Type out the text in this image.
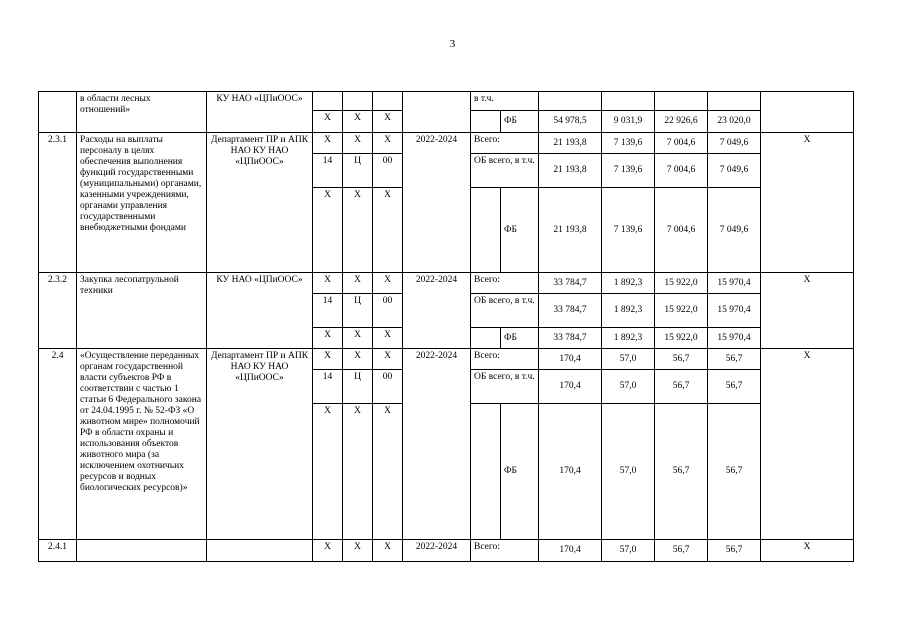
3
	в области лесных отношений»	КУ НАО «ЦПиООС»					в т.ч.						
			Х	Х	Х			ФБ	54 978,5	9 031,9	22 926,6	23 020,0	
2.3.1	Расходы на выплаты персоналу в целях обеспечения выполнения функций государственными (муниципальными) органами, казенными учреждениями, органами управления государственными внебюджетными фондами	Департамент ПР и АПК НАО КУ НАО «ЦПиООС»	Х	Х	Х	2022-2024	Всего:		21 193,8	7 139,6	7 004,6	7 049,6	Х
			14	Ц	00		ОБ всего, в т.ч.		21 193,8	7 139,6	7 004,6	7 049,6	
			Х	Х	Х			ФБ	21 193,8	7 139,6	7 004,6	7 049,6	
2.3.2	Закупка лесопатрульной техники	КУ НАО «ЦПиООС»	Х	Х	Х	2022-2024	Всего:		33 784,7	1 892,3	15 922,0	15 970,4	Х
			14	Ц	00		ОБ всего, в т.ч.		33 784,7	1 892,3	15 922,0	15 970,4	
			Х	Х	Х			ФБ	33 784,7	1 892,3	15 922,0	15 970,4	
2.4	«Осуществление переданных органам государственной власти субъектов РФ в соответствии с частью 1 статьи 6 Федерального закона от 24.04.1995 г. № 52-ФЗ «О животном мире» полномочий РФ в области охраны и использования объектов животного мира (за исключением охотничьих ресурсов и водных биологических ресурсов)»	Департамент ПР и АПК НАО КУ НАО «ЦПиООС»	Х	Х	Х	2022-2024	Всего:		170,4	57,0	56,7	56,7	Х
			14	Ц	00		ОБ всего, в т.ч.		170,4	57,0	56,7	56,7	
			Х	Х	Х			ФБ	170,4	57,0	56,7	56,7	
2.4.1			Х	Х	Х	2022-2024	Всего:		170,4	57,0	56,7	56,7	Х
